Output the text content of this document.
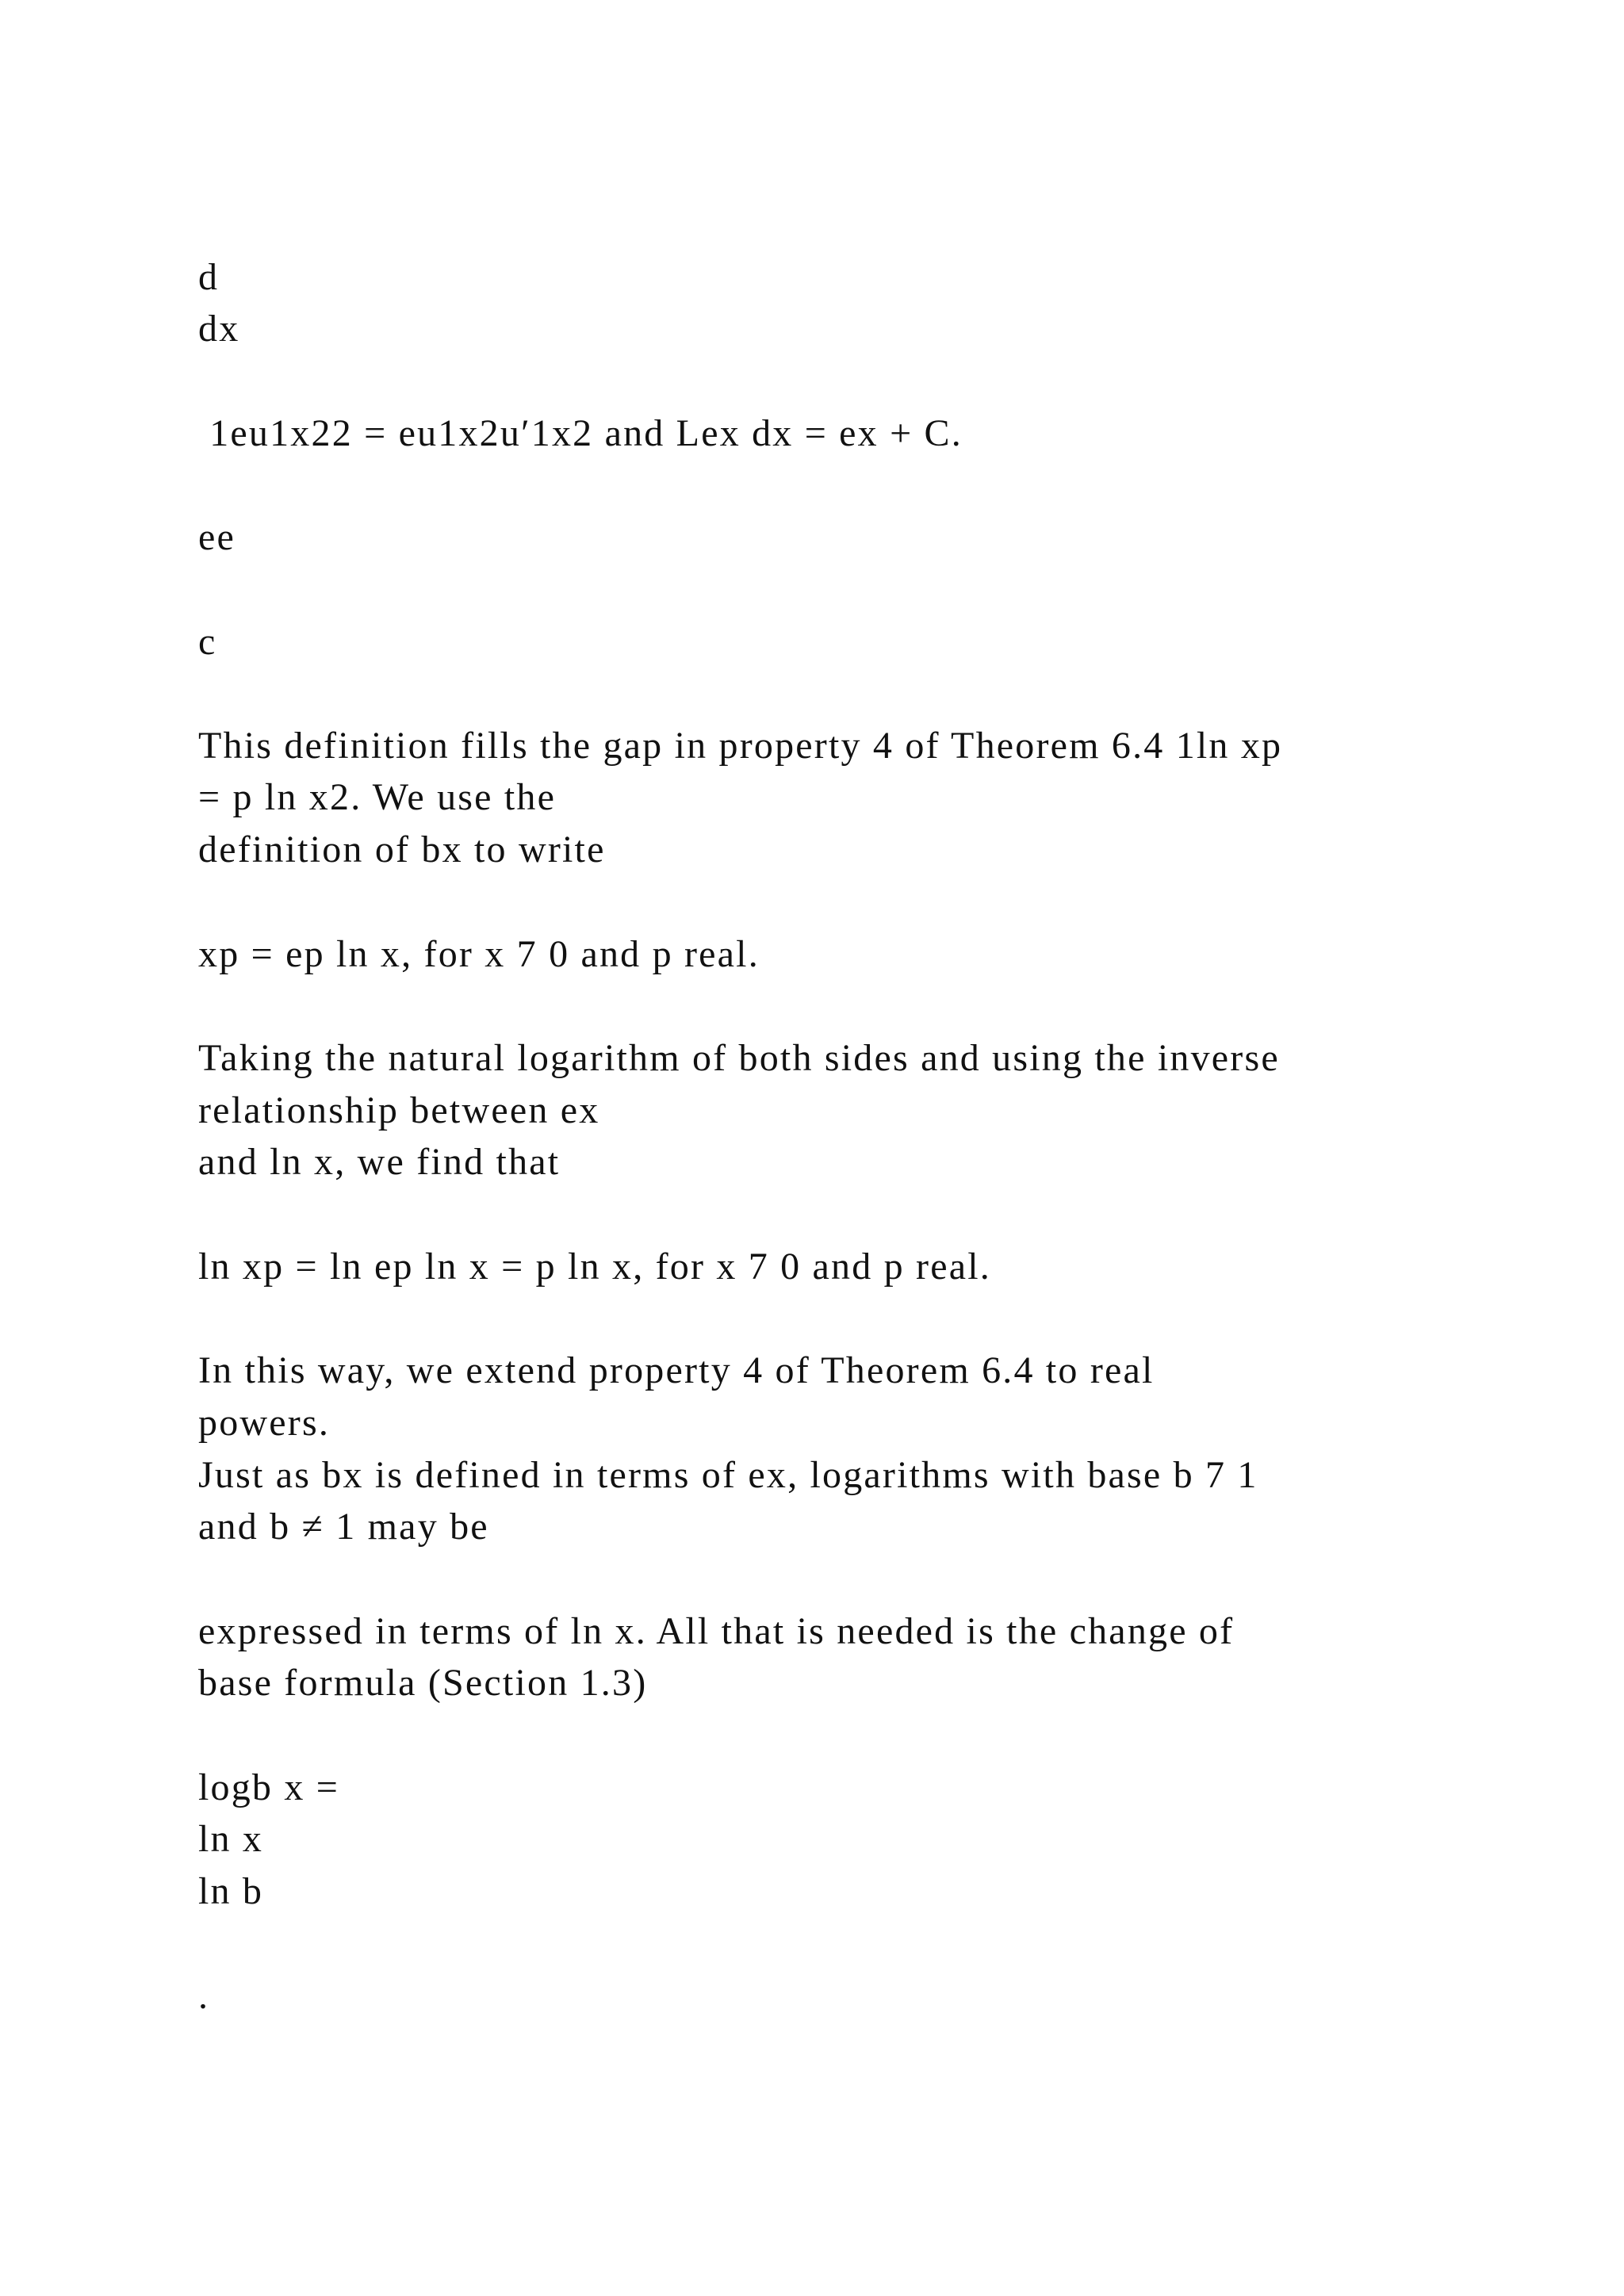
d
dx
1eu1x22 = eu1x2u′1x2 and Lex dx = ex + C.
ee
c
This definition fills the gap in property 4 of Theorem 6.4 1ln xp
= p ln x2. We use the
definition of bx to write
xp = ep ln x, for x 7 0 and p real.
Taking the natural logarithm of both sides and using the inverse
relationship between ex
and ln x, we find that
ln xp = ln ep ln x = p ln x, for x 7 0 and p real.
In this way, we extend property 4 of Theorem 6.4 to real
powers.
Just as bx is defined in terms of ex, logarithms with base b 7 1
and b ≠ 1 may be
expressed in terms of ln x. All that is needed is the change of
base formula (Section 1.3)
logb x =
ln x
ln b
.
